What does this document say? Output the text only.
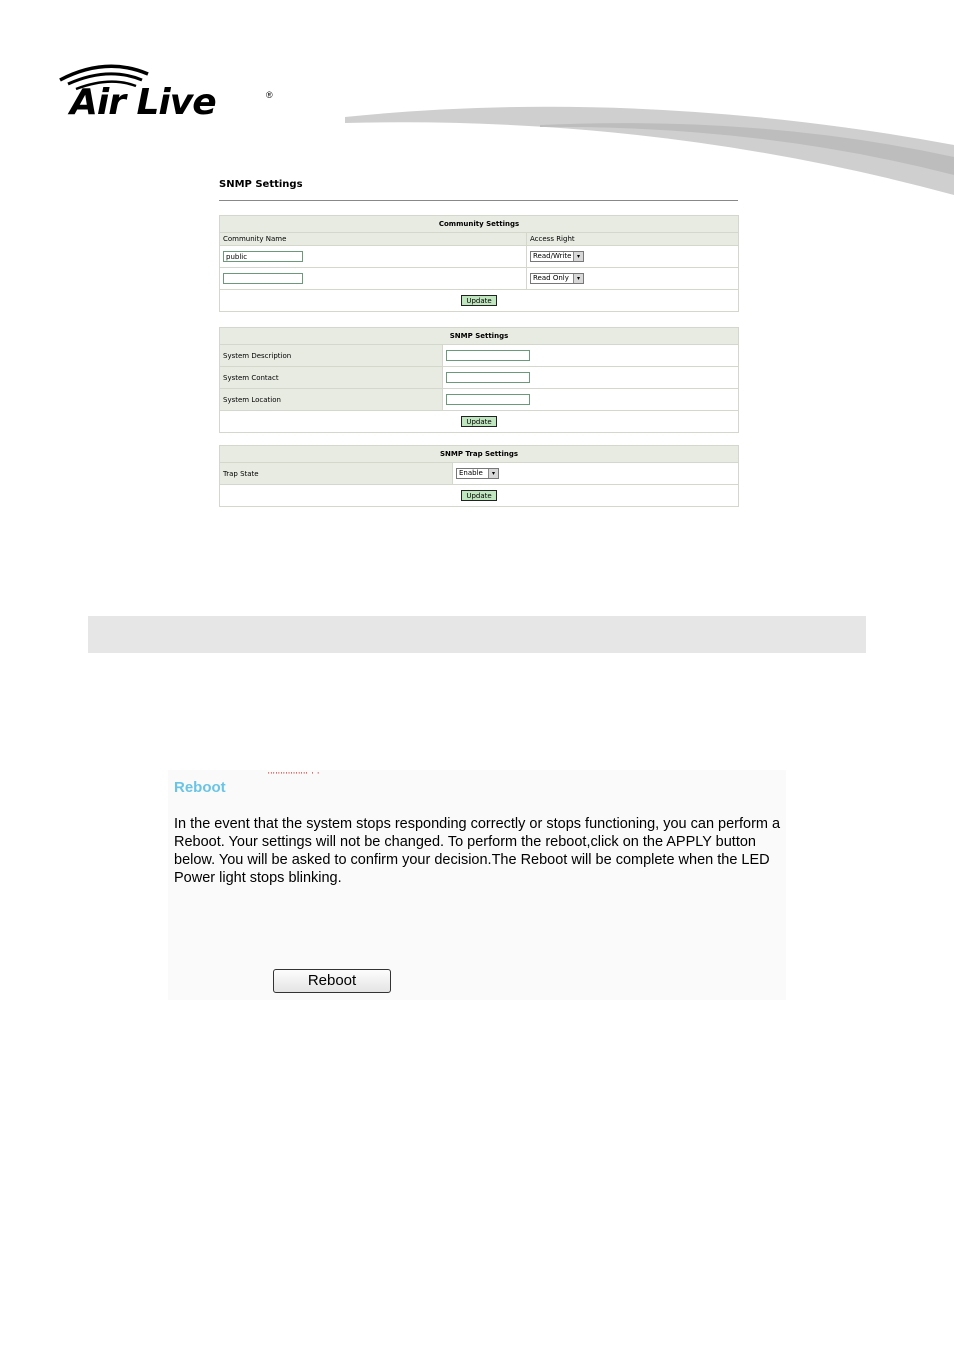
Air Live	®
SNMP Settings
Community Settings	
Community Name	Access Right
public	Read/Write ▾

	Read Only ▾

Update	
SNMP Settings	
System Description	
System Contact	
System Location	
Update	
SNMP Trap Settings
Trap State	Enable	▾

Update
'''''''''''''''' ' '
Reboot
In the event that the system stops responding correctly or stops functioning, you can perform a Reboot. Your settings will not be changed. To perform the reboot,click on the APPLY button below. You will be asked to confirm your decision.The Reboot will be complete when the LED Power light stops blinking.
Reboot
